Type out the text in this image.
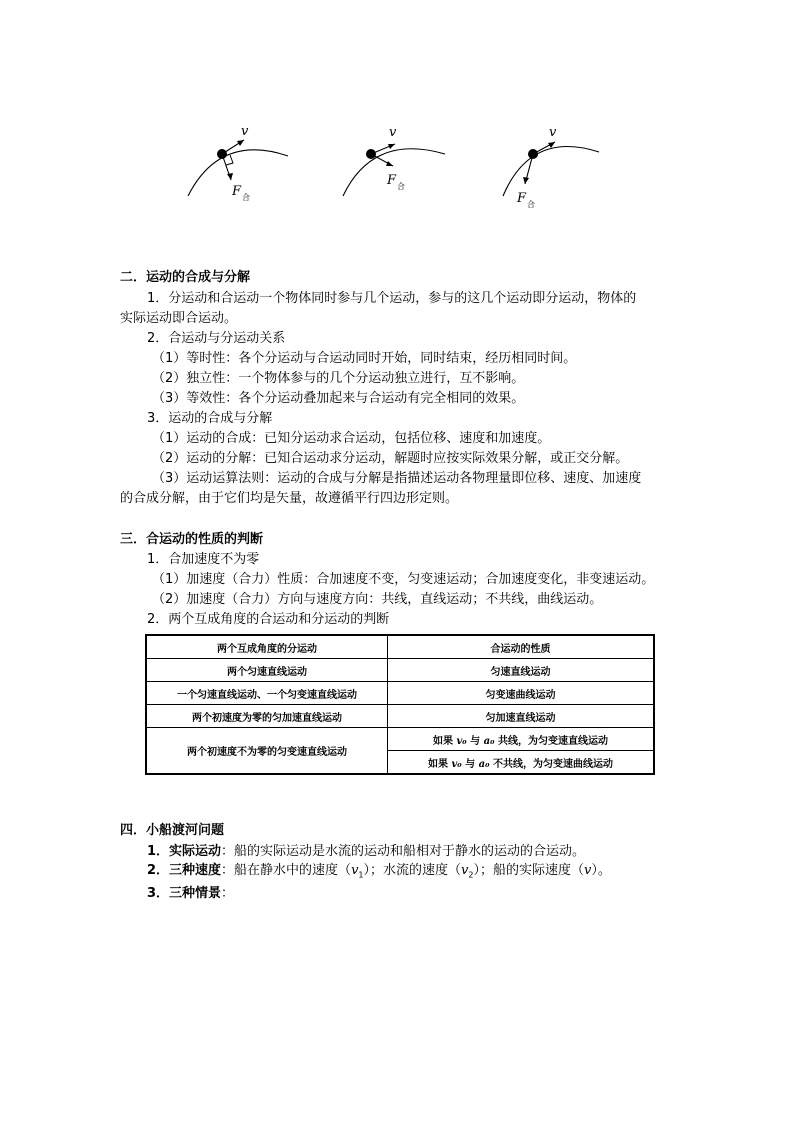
v
F 合
v
F 合
v
F 合
二．运动的合成与分解
1．分运动和合运动一个物体同时参与几个运动，参与的这几个运动即分运动，物体的
实际运动即合运动。
2．合运动与分运动关系
（1）等时性：各个分运动与合运动同时开始，同时结束，经历相同时间。
（2）独立性：一个物体参与的几个分运动独立进行，互不影响。
（3）等效性：各个分运动叠加起来与合运动有完全相同的效果。
3．运动的合成与分解
（1）运动的合成：已知分运动求合运动，包括位移、速度和加速度。
（2）运动的分解：已知合运动求分运动，解题时应按实际效果分解，或正交分解。
（3）运动运算法则：运动的合成与分解是指描述运动各物理量即位移、速度、加速度
的合成分解，由于它们均是矢量，故遵循平行四边形定则。
三．合运动的性质的判断
1．合加速度不为零
（1）加速度（合力）性质：合加速度不变，匀变速运动；合加速度变化，非变速运动。
（2）加速度（合力）方向与速度方向：共线，直线运动；不共线，曲线运动。
2．两个互成角度的合运动和分运动的判断
两个互成角度的分运动	合运动的性质
两个匀速直线运动	匀速直线运动
一个匀速直线运动、一个匀变速直线运动	匀变速曲线运动
两个初速度为零的匀加速直线运动	匀加速直线运动
两个初速度不为零的匀变速直线运动	如果 v₀ 与 a₀ 共线，为匀变速直线运动
	如果 v₀ 与 a₀ 不共线，为匀变速曲线运动
四．小船渡河问题
1．实际运动：船的实际运动是水流的运动和船相对于静水的运动的合运动。
2．三种速度：船在静水中的速度$(v_1)$；水流的速度$(v_2)$；船的实际速度（v）。
3．三种情景：
